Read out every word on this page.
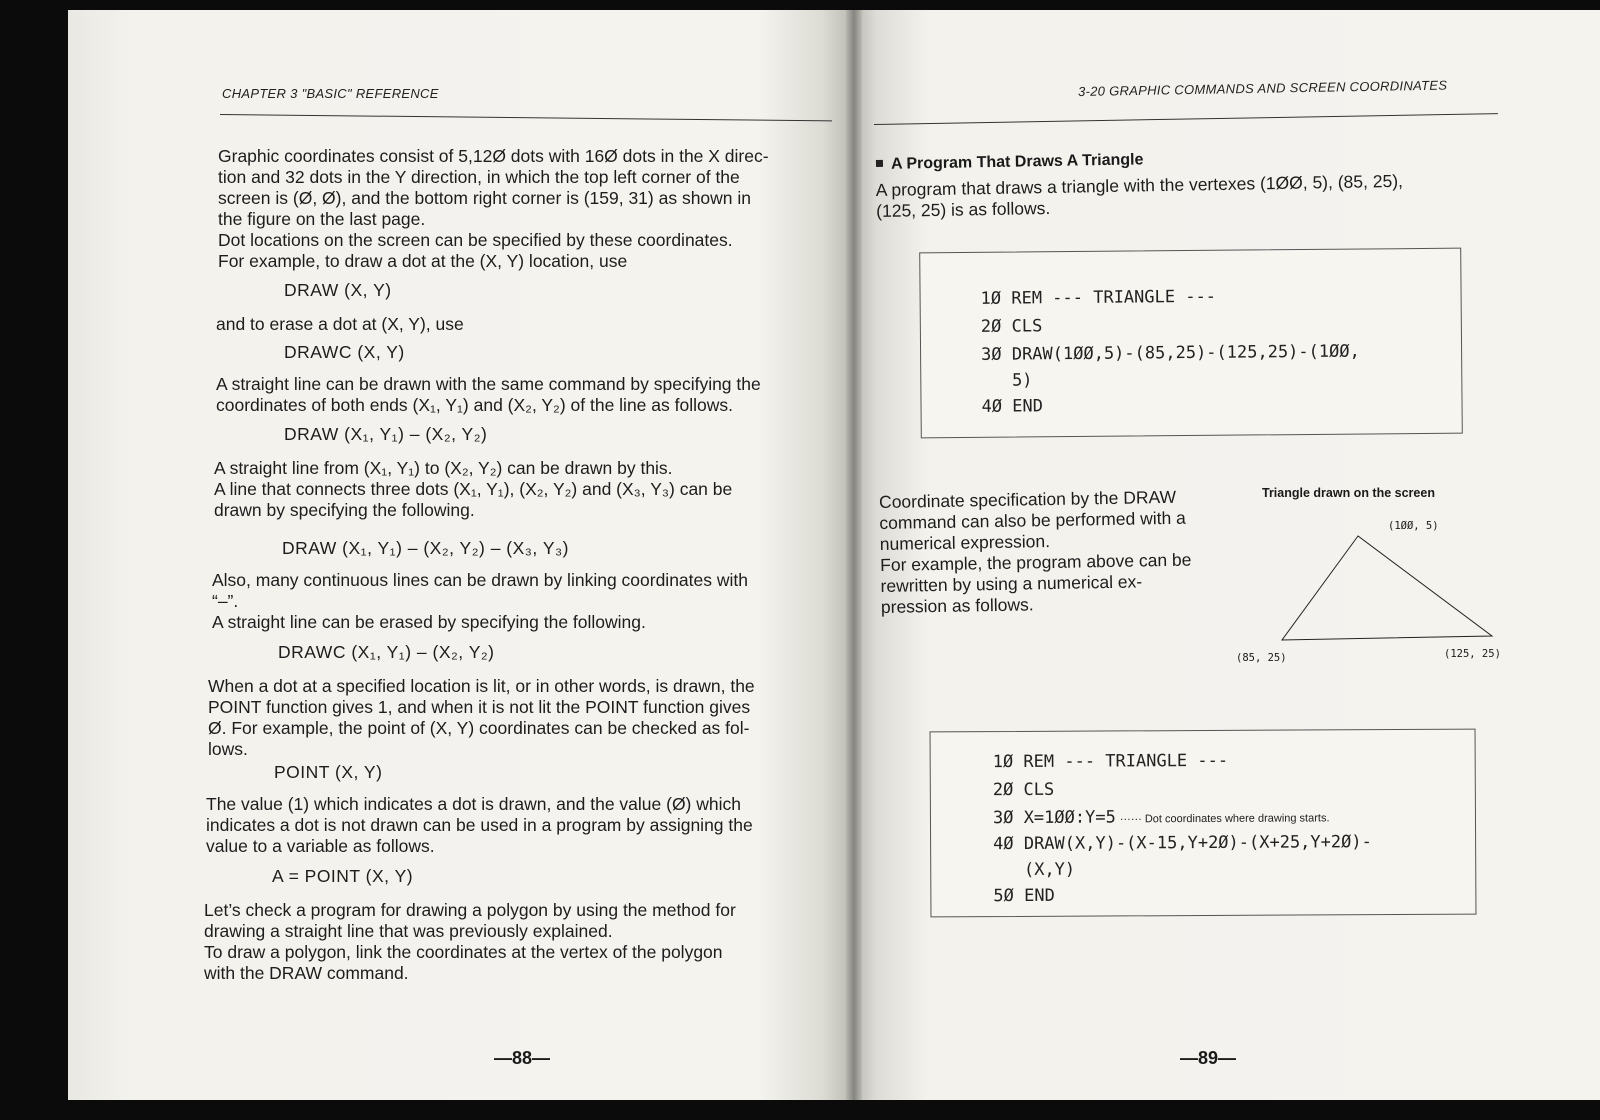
CHAPTER 3 "BASIC" REFERENCE

Graphic coordinates consist of 5,12Ø dots with 16Ø dots in the X direc-

tion and 32 dots in the Y direction, in which the top left corner of the

screen is (Ø, Ø), and the bottom right corner is (159, 31) as shown in

the figure on the last page.

Dot locations on the screen can be specified by these coordinates.

For example, to draw a dot at the (X, Y) location, use

DRAW (X, Y)
and to erase a dot at (X, Y), use
DRAWC (X, Y)

A straight line can be drawn with the same command by specifying the

coordinates of both ends (X₁, Y₁) and (X₂, Y₂) of the line as follows.

DRAW (X₁, Y₁) – (X₂, Y₂)

A straight line from (X₁, Y₁) to (X₂, Y₂) can be drawn by this.

A line that connects three dots (X₁, Y₁), (X₂, Y₂) and (X₃, Y₃) can be

drawn by specifying the following.

DRAW (X₁, Y₁) – (X₂, Y₂) – (X₃, Y₃)

Also, many continuous lines can be drawn by linking coordinates with

“–”.

A straight line can be erased by specifying the following.
DRAWC (X₁, Y₁) – (X₂, Y₂)

When a dot at a specified location is lit, or in other words, is drawn, the

POINT function gives 1, and when it is not lit the POINT function gives

Ø. For example, the point of (X, Y) coordinates can be checked as fol-

lows.

POINT (X, Y)

The value (1) which indicates a dot is drawn, and the value (Ø) which

indicates a dot is not drawn can be used in a program by assigning the

value to a variable as follows.

A = POINT (X, Y)

Let’s check a program for drawing a polygon by using the method for

drawing a straight line that was previously explained.

To draw a polygon, link the coordinates at the vertex of the polygon

with the DRAW command.

—88—
3-20 GRAPHIC COMMANDS AND SCREEN COORDINATES
A Program That Draws A Triangle

A program that draws a triangle with the vertexes (1ØØ, 5), (85, 25),

(125, 25) is as follows.

1Ø REM --- TRIANGLE ---
2Ø CLS
3Ø DRAW(1ØØ,5)-(85,25)-(125,25)-(1ØØ,
5)
4Ø END

Coordinate specification by the DRAW

command can also be performed with a

numerical expression.

For example, the program above can be

rewritten by using a numerical ex-

pression as follows.

Triangle drawn on the screen
(1ØØ, 5)
(85, 25)	(125, 25)
1Ø REM --- TRIANGLE ---
2Ø CLS
3Ø X=1ØØ:Y=5 ······ Dot coordinates where drawing starts.
4Ø DRAW(X,Y)-(X-15,Y+2Ø)-(X+25,Y+2Ø)-
(X,Y)
5Ø END
—89—
